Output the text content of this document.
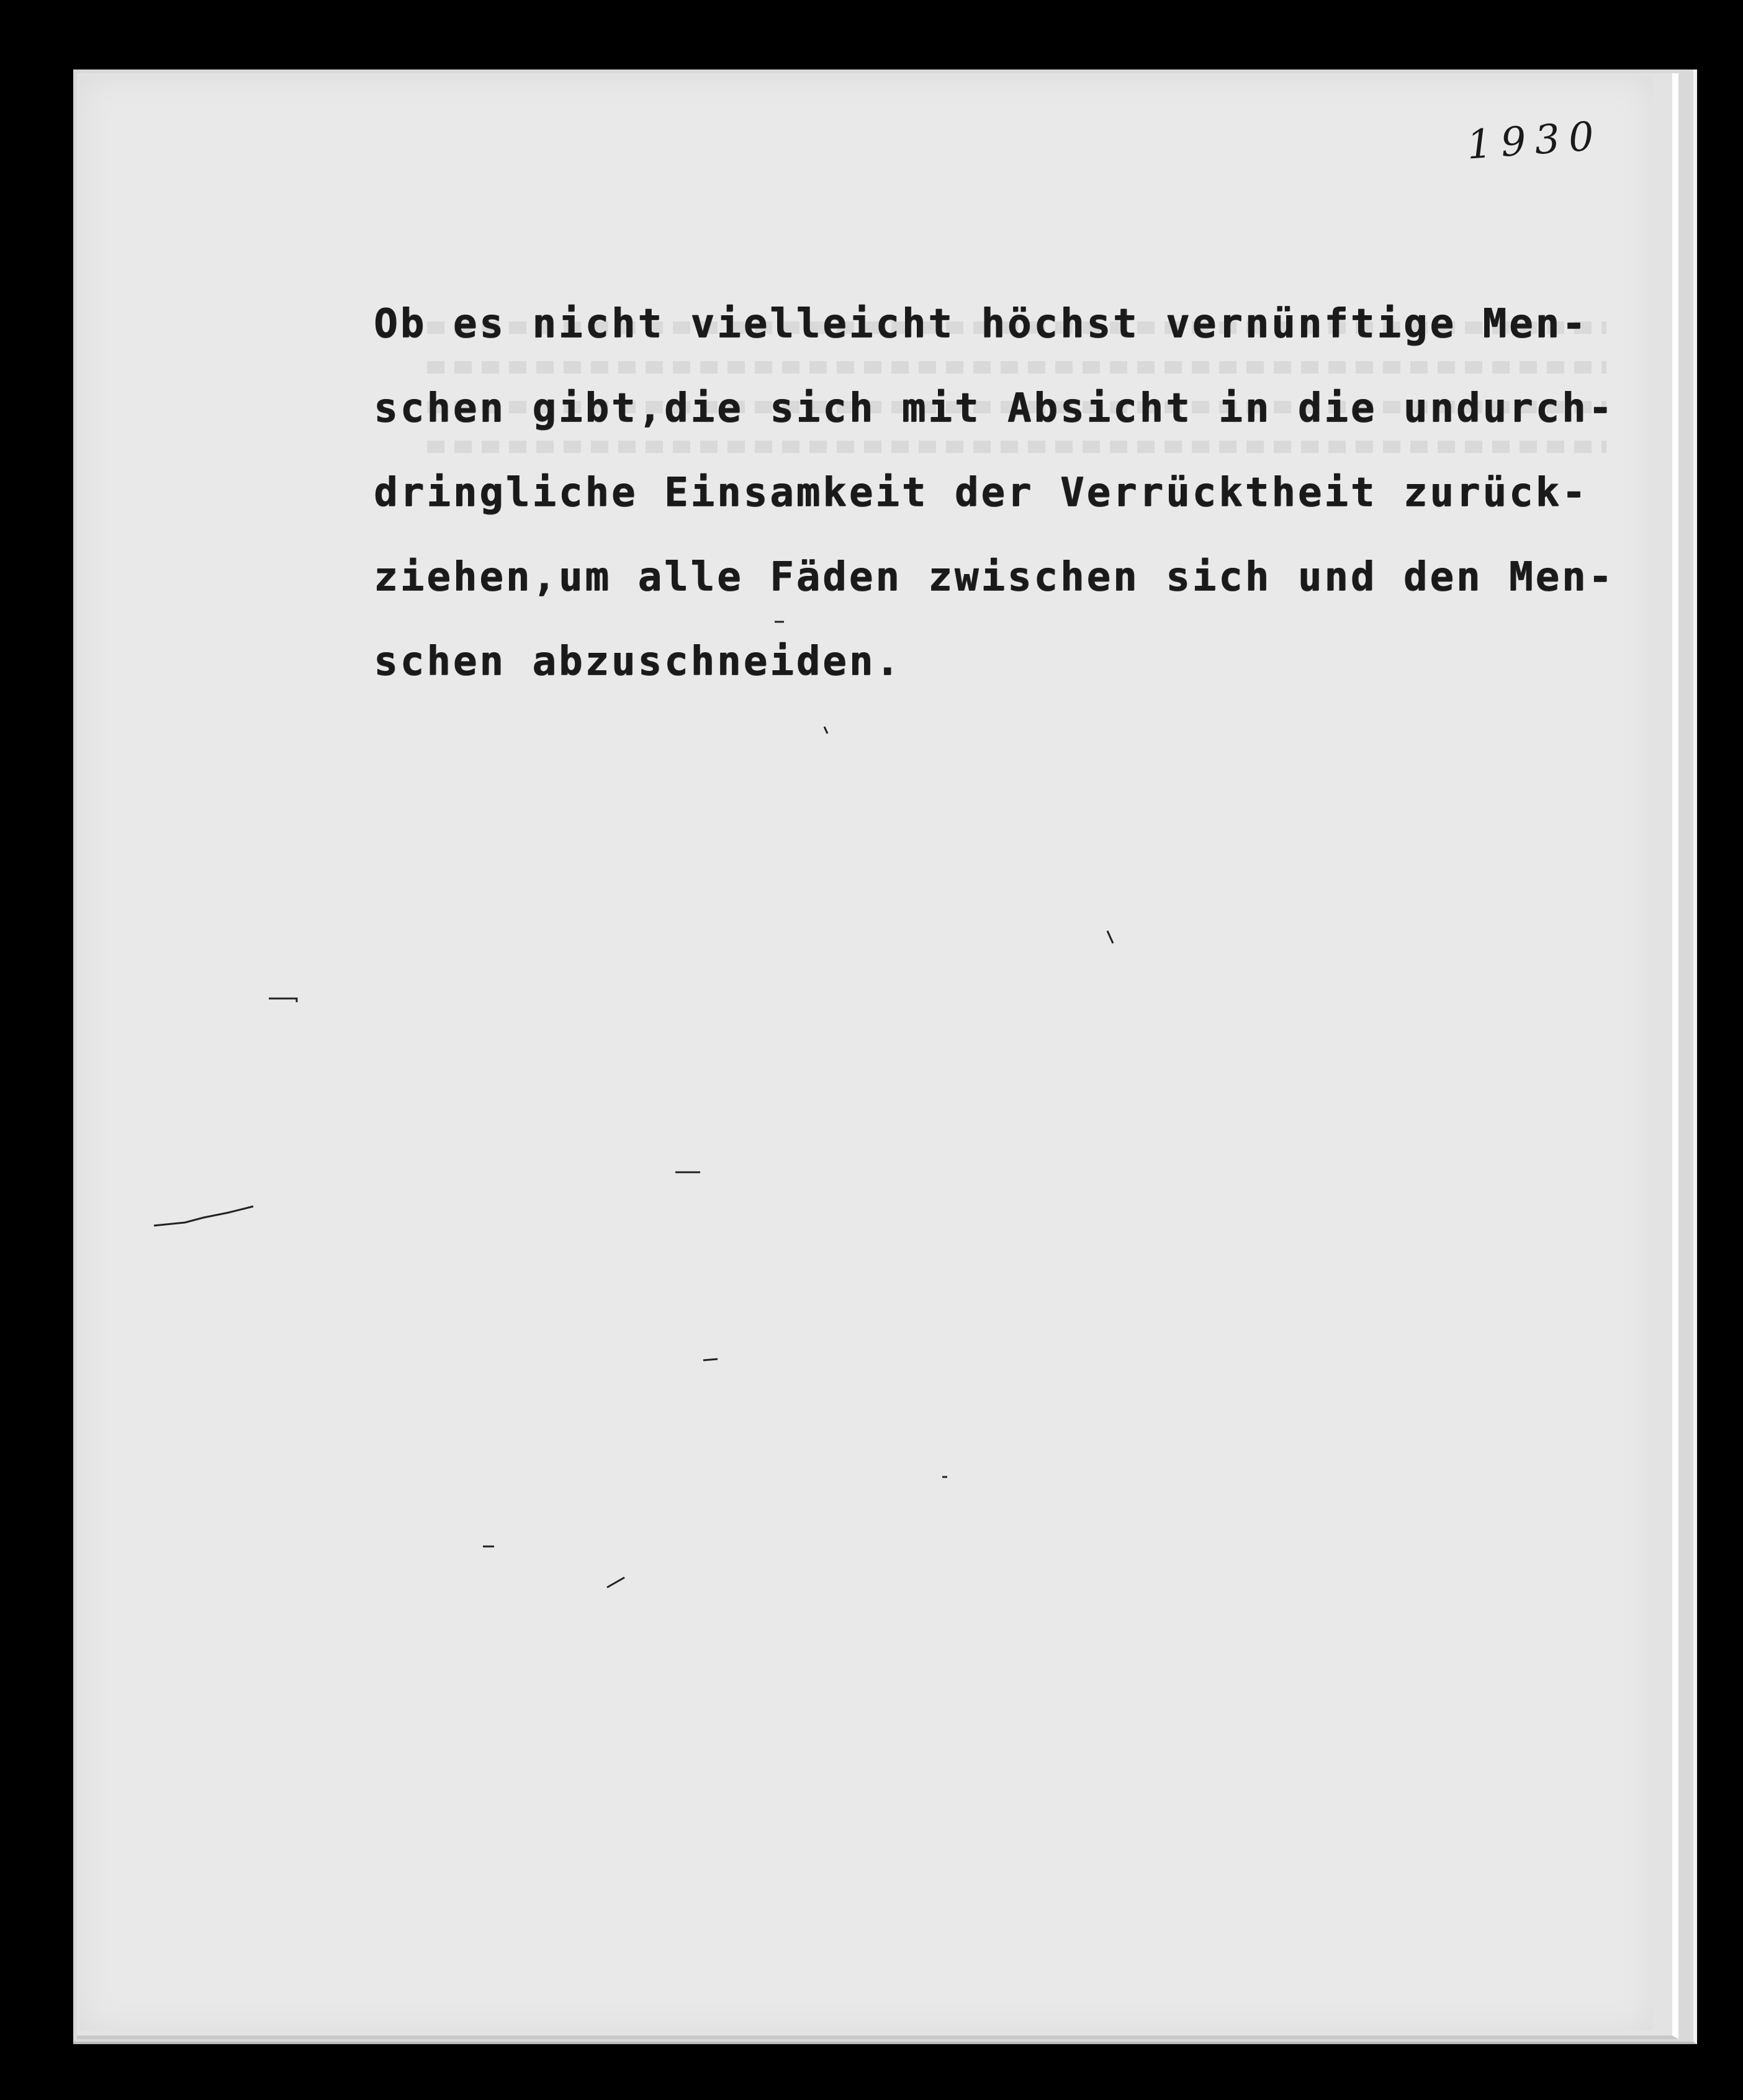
1930
Ob es nicht vielleicht höchst vernünftige Men-
schen gibt,die sich mit Absicht in die undurch-
dringliche Einsamkeit der Verrücktheit zurück-
ziehen,um alle Fäden zwischen sich und den Men-
schen abzuschneiden.
